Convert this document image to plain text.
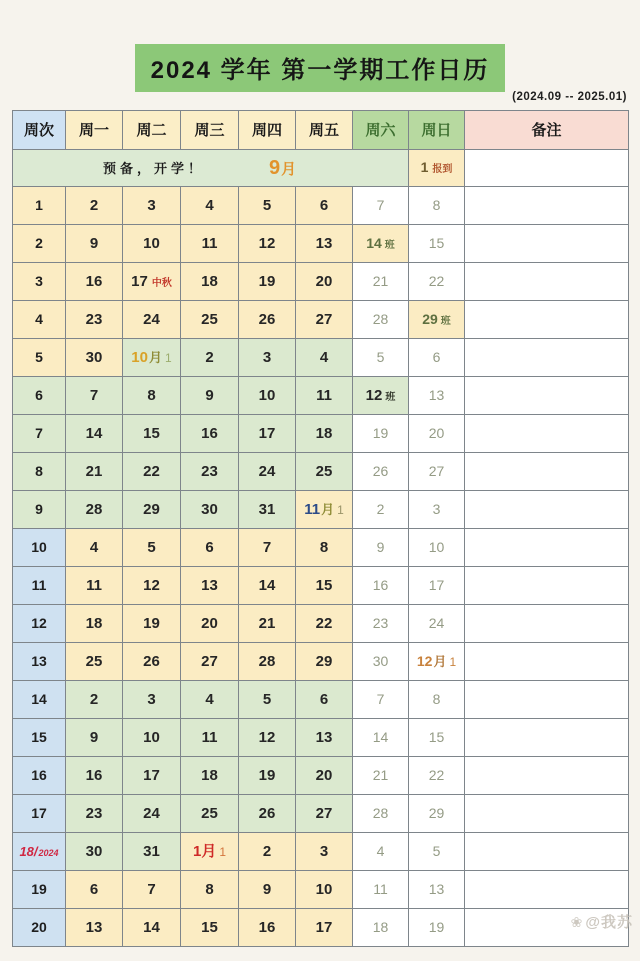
2024 学年 第一学期工作日历
(2024.09 -- 2025.01)
周次	周一	周二	周三	周四	周五	周六	周日	备注

预备，开学！ 9月							1 报到	
1	2	3	4	5	6	7	8	
2	9	10	11	12	13	14 班	15	
3	16	17 中秋	18	19	20	21	22	
4	23	24	25	26	27	28	29 班	
5	30	10月 1	2	3	4	5	6	
6	7	8	9	10	11	12 班	13	
7	14	15	16	17	18	19	20	
8	21	22	23	24	25	26	27	
9	28	29	30	31	11月 1	2	3	
10	4	5	6	7	8	9	10	
11	11	12	13	14	15	16	17	
12	18	19	20	21	22	23	24	
13	25	26	27	28	29	30	12月 1	
14	2	3	4	5	6	7	8	
15	9	10	11	12	13	14	15	
16	16	17	18	19	20	21	22	
17	23	24	25	26	27	28	29	
18/2024	30	31	1月 1	2	3	4	5	
19	6	7	8	9	10	11	13	
20	13	14	15	16	17	18	19		❀ @我苏
